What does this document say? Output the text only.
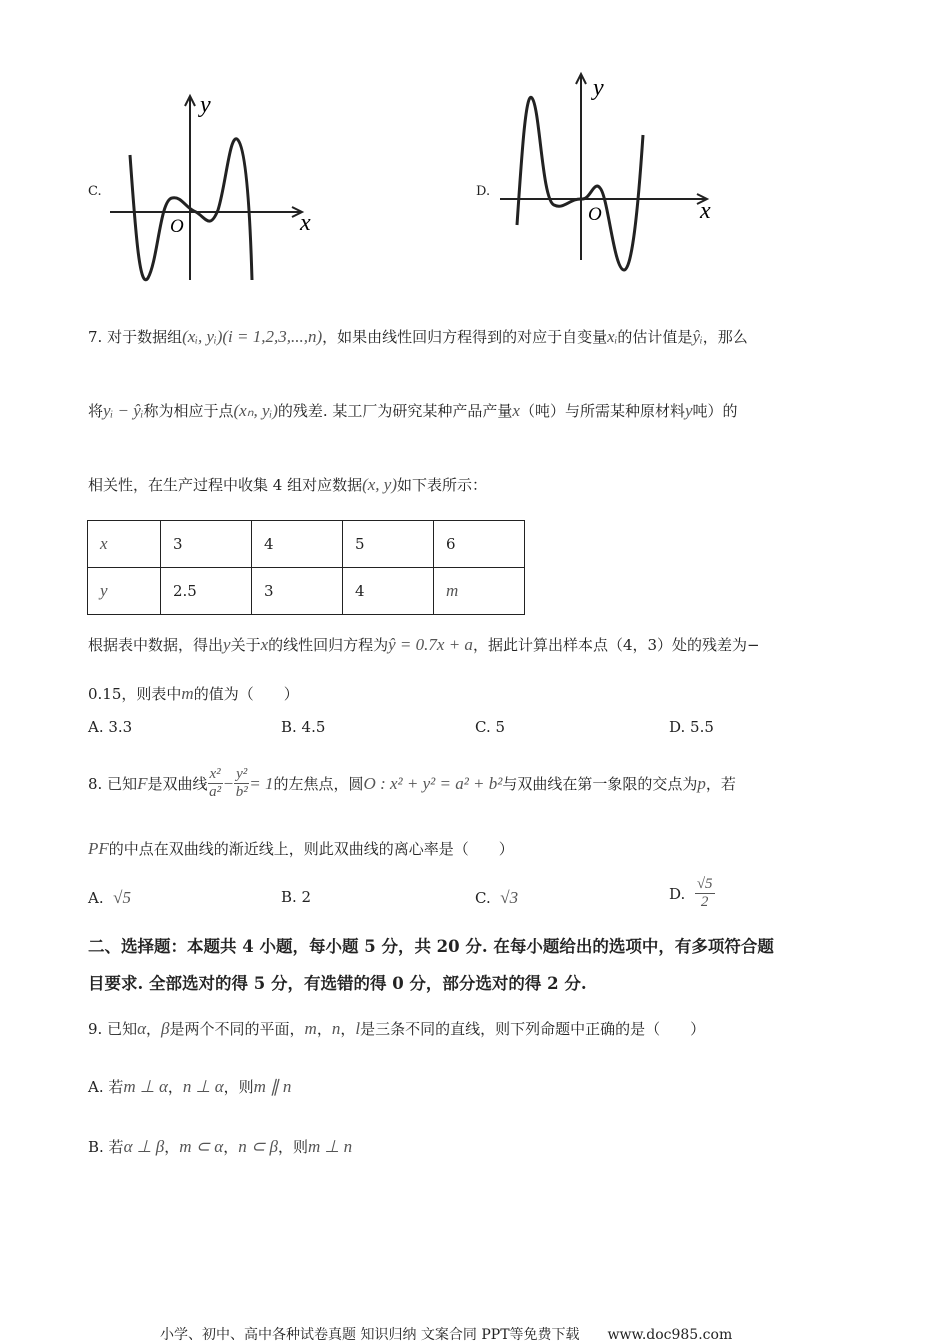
C.
x
y
O
D.
x
y
O
7. 对于数据组(xᵢ, yᵢ)(i = 1,2,3,...,n)，如果由线性回归方程得到的对应于自变量xᵢ的估计值是ŷᵢ，那么
将yᵢ − ŷᵢ称为相应于点(xₙ, yᵢ)的残差. 某工厂为研究某种产品产量x（吨）与所需某种原材料y吨）的
相关性，在生产过程中收集 4 组对应数据(x, y)如下表所示：
x	3	4	5	6
y	2.5	3	4	m
根据表中数据，得出y关于x的线性回归方程为ŷ = 0.7x + a，据此计算出样本点（4，3）处的残差为−
0.15，则表中m的值为（　　）
A. 3.3	B. 4.5	C. 5	D. 5.5
8. 已知 F 是双曲线 $\frac{\text{x²}}{\text{a²}} - \frac{\text{y²}}{\text{b²}} = 1$ 的左焦点，圆 O : x² + y² = a² + b² 与双曲线在第一象限的交点为 p ，若
PF的中点在双曲线的渐近线上，则此双曲线的离心率是（　　）
A. √5	B. 2	C. √3	D.
$\frac{√5}{2}$
二、选择题：本题共 4 小题，每小题 5 分，共 20 分. 在每小题给出的选项中，有多项符合题
目要求. 全部选对的得 5 分，有选错的得 0 分，部分选对的得 2 分.
9. 已知α，β是两个不同的平面，m，n，l是三条不同的直线，则下列命题中正确的是（　　）
A. 若m ⊥ α，n ⊥ α，则m ∥ n
B. 若α ⊥ β，m ⊂ α，n ⊂ β，则m ⊥ n
小学、初中、高中各种试卷真题 知识归纳 文案合同 PPT等免费下载　　www.doc985.com
